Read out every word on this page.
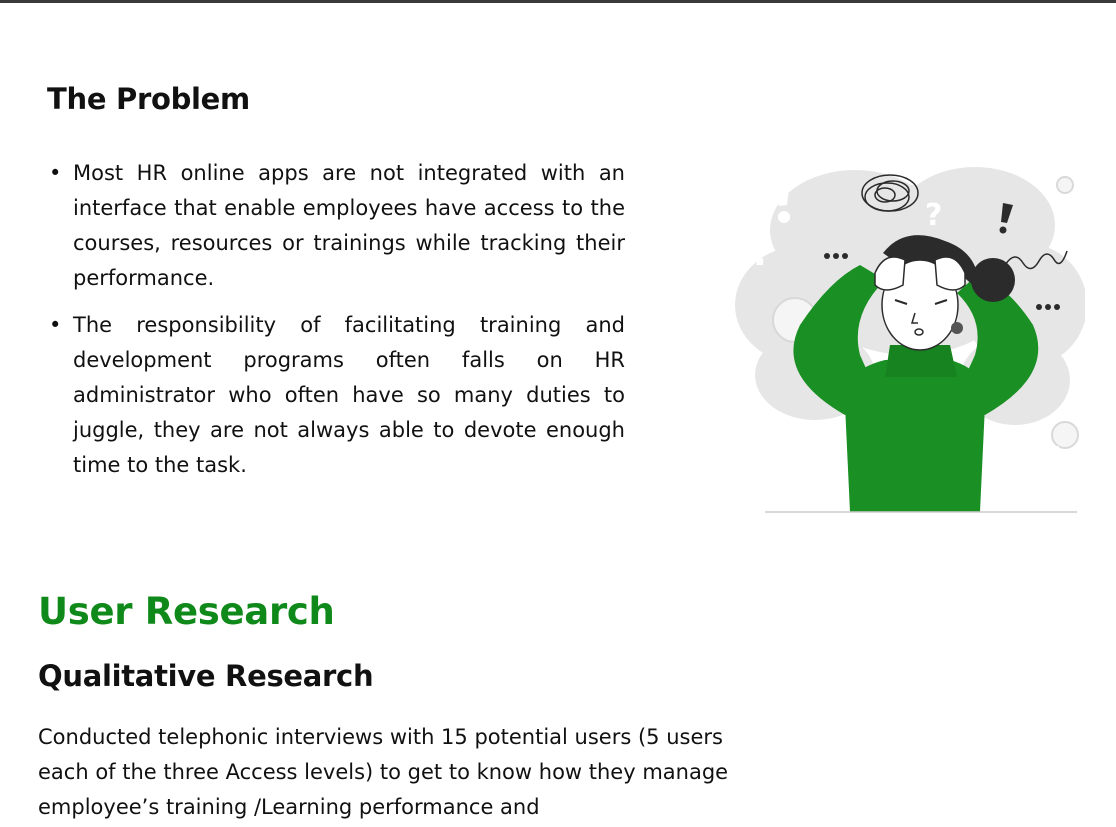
The Problem
• Most HR online apps are not integrated with an interface that enable employees have access to the courses, resources or trainings while tracking their performance.
• The responsibility of facilitating training and development programs often falls on HR administrator who often have so many duties to juggle, they are not always able to devote enough time to the task.
?
?
¿
User Research
Qualitative Research

Conducted telephonic interviews with 15 potential users (5 users each of the three Access levels) to get to know how they manage employee’s training /Learning performance and
